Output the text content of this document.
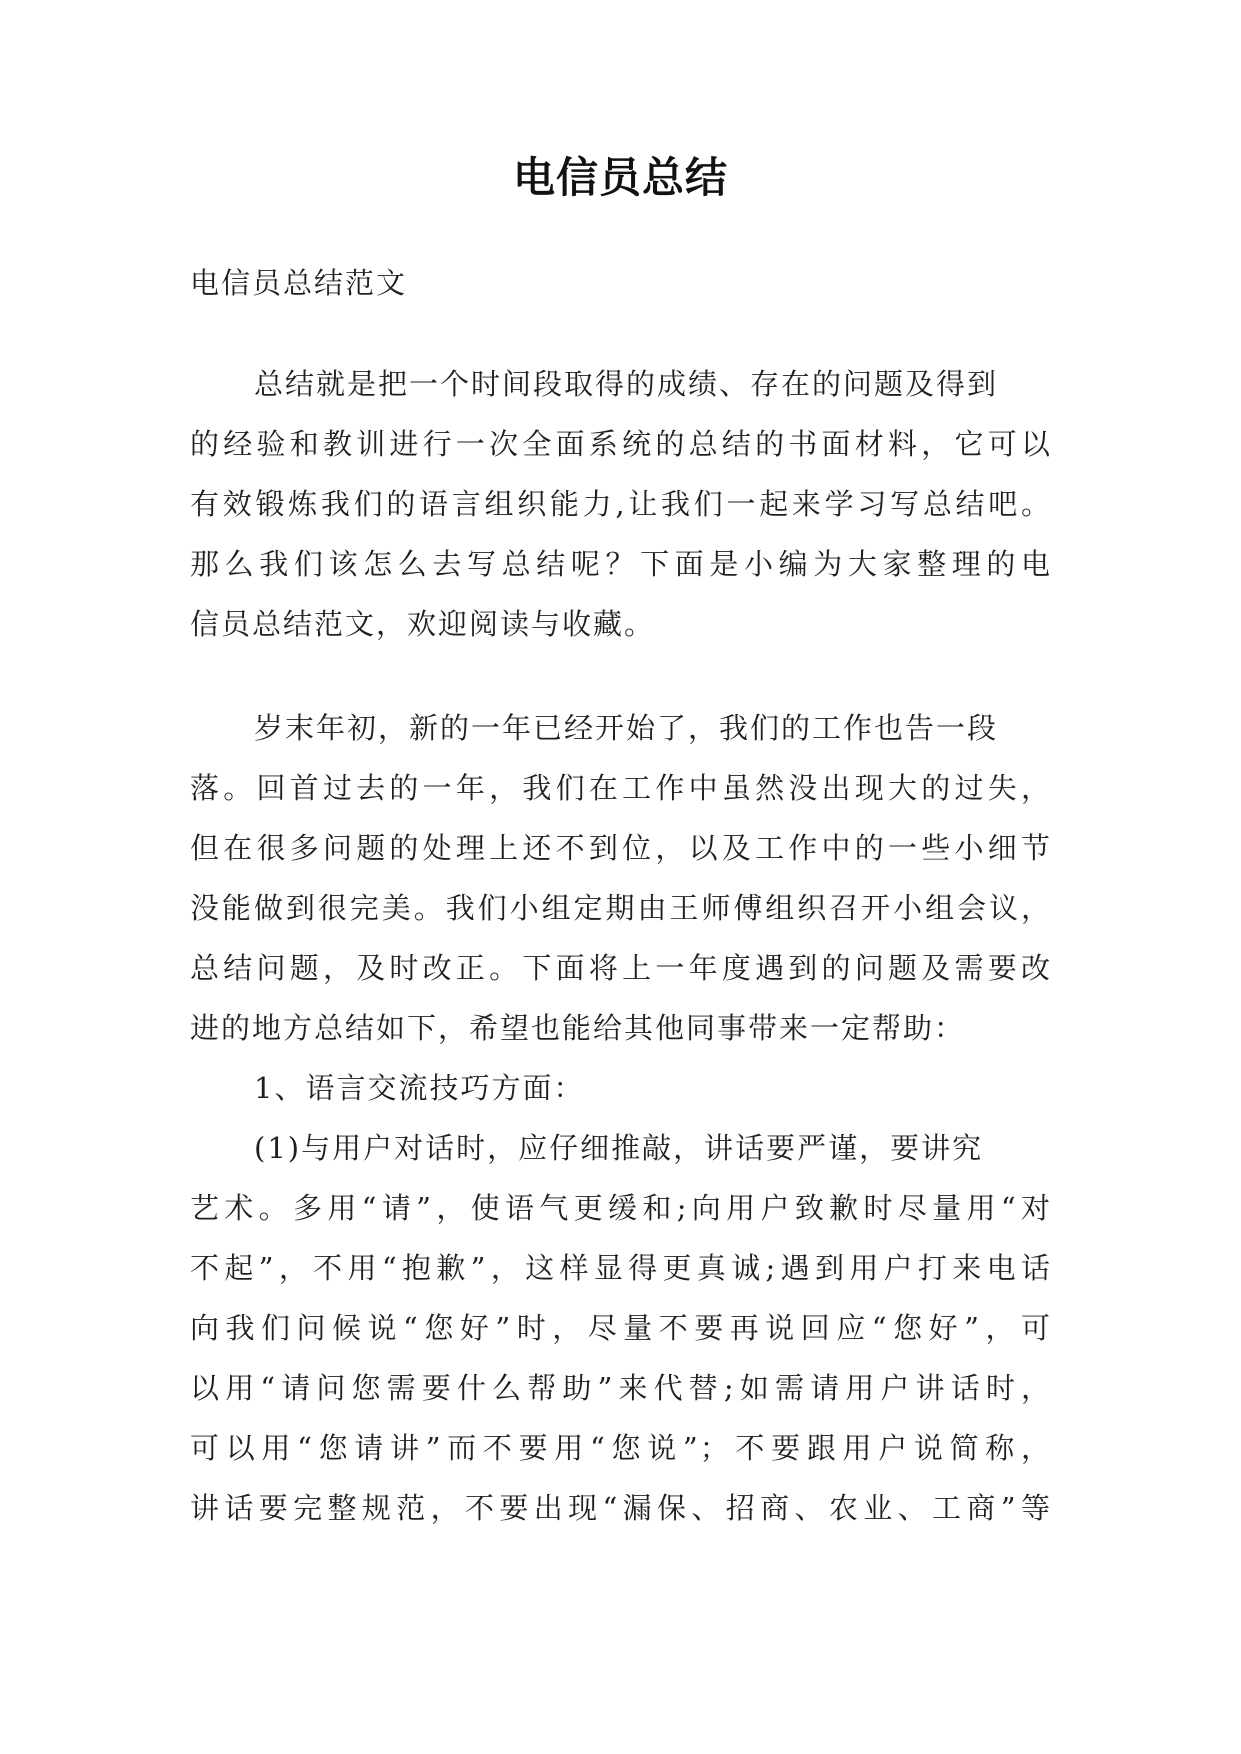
电信员总结
电信员总结范文
总结就是把一个时间段取得的成绩、存在的问题及得到
的经验和教训进行一次全面系统的总结的书面材料，它可以
有效锻炼我们的语言组织能力,让我们一起来学习写总结吧。
那么我们该怎么去写总结呢？下面是小编为大家整理的电
信员总结范文，欢迎阅读与收藏。
岁末年初，新的一年已经开始了，我们的工作也告一段
落。回首过去的一年，我们在工作中虽然没出现大的过失，
但在很多问题的处理上还不到位，以及工作中的一些小细节
没能做到很完美。我们小组定期由王师傅组织召开小组会议，
总结问题，及时改正。下面将上一年度遇到的问题及需要改
进的地方总结如下，希望也能给其他同事带来一定帮助：
1、语言交流技巧方面：
(1)与用户对话时，应仔细推敲，讲话要严谨，要讲究
艺术。多用“请”，使语气更缓和;向用户致歉时尽量用“对
不起”，不用“抱歉”，这样显得更真诚;遇到用户打来电话
向我们问候说“您好”时，尽量不要再说回应“您好”，可
以用“请问您需要什么帮助”来代替;如需请用户讲话时，
可以用“您请讲”而不要用“您说”；不要跟用户说简称，
讲话要完整规范，不要出现“漏保、招商、农业、工商”等
